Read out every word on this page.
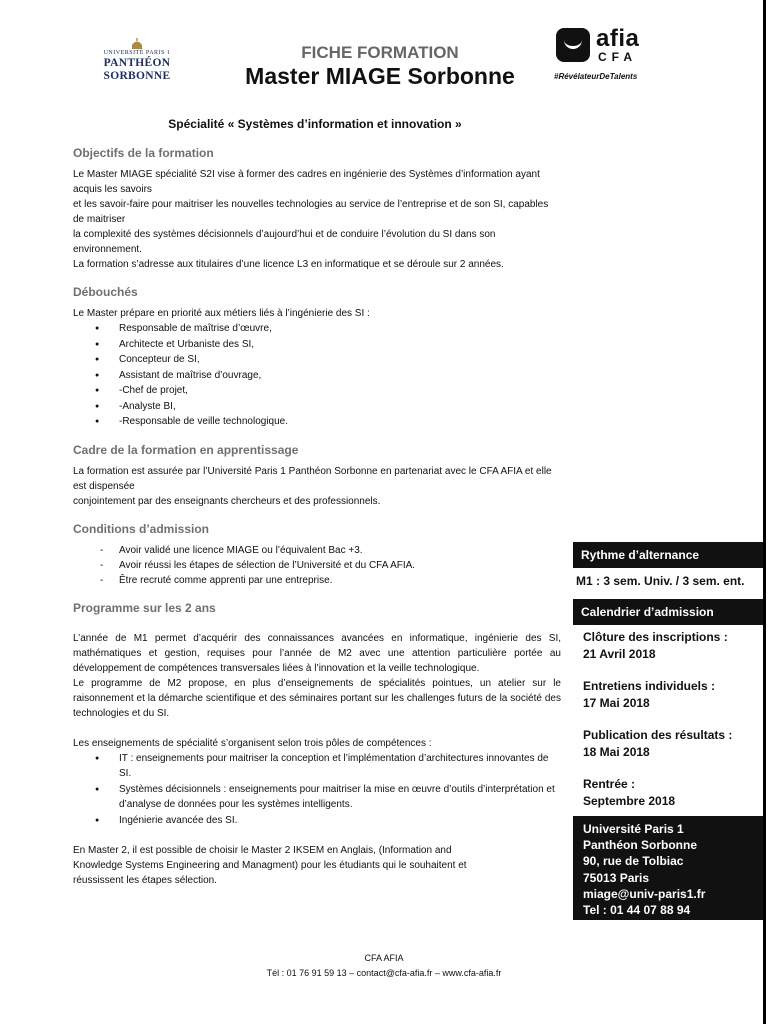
UNIVERSITÉ PARIS 1
PANTHÉON SORBONNE
FICHE FORMATION
Master MIAGE Sorbonne
afia
CFA
#RévélateurDeTalents
Spécialité « Systèmes d’information et innovation »
Objectifs de la formation
Le Master MIAGE spécialité S2I vise à former des cadres en ingénierie des Systèmes d’information ayant acquis les savoirs
et les savoir-faire pour maitriser les nouvelles technologies au service de l’entreprise et de son SI, capables de maitriser
la complexité des systèmes décisionnels d’aujourd’hui et de conduire l’évolution du SI dans son environnement.
La formation s’adresse aux titulaires d’une licence L3 en informatique et se déroule sur 2 années.
Débouchés
Le Master prépare en priorité aux métiers liés à l’ingénierie des SI :
● Responsable de maîtrise d’œuvre,
● Architecte et Urbaniste des SI,
● Concepteur de SI,
● Assistant de maîtrise d’ouvrage,
● -Chef de projet,
● -Analyste BI,
● -Responsable de veille technologique.
Cadre de la formation en apprentissage
La formation est assurée par l’Université Paris 1 Panthéon Sorbonne en partenariat avec le CFA AFIA et elle est dispensée
conjointement par des enseignants chercheurs et des professionnels.
Conditions d’admission
- Avoir validé une licence MIAGE ou l’équivalent Bac +3.
- Avoir réussi les étapes de sélection de l’Université et du CFA AFIA.
- Être recruté comme apprenti par une entreprise.
Programme sur les 2 ans
L’année de M1 permet d’acquérir des connaissances avancées en informatique, ingénierie des SI, mathématiques et gestion, requises pour l’année de M2 avec une attention particulière portée au développement de compétences transversales liées à l’innovation et la veille technologique.
Le programme de M2 propose, en plus d’enseignements de spécialités pointues, un atelier sur le raisonnement et la démarche scientifique et des séminaires portant sur les challenges futurs de la société des technologies et du SI.
Les enseignements de spécialité s’organisent selon trois pôles de compétences :
● IT : enseignements pour maitriser la conception et l’implémentation d’architectures innovantes de SI.
● Systèmes décisionnels : enseignements pour maitriser la mise en œuvre d’outils d’interprétation et d’analyse de données pour les systèmes intelligents.
● Ingénierie avancée des SI.
En Master 2, il est possible de choisir le Master 2 IKSEM en Anglais, (Information and
Knowledge Systems Engineering and Managment) pour les étudiants qui le souhaitent et
réussissent les étapes sélection.
Rythme d’alternance
M1 : 3 sem. Univ. / 3 sem. ent.
Calendrier d’admission
Clôture des inscriptions :
21 Avril 2018
Entretiens individuels :
17 Mai 2018
Publication des résultats :
18 Mai 2018
Rentrée :
Septembre 2018
Université Paris 1
Panthéon Sorbonne
90, rue de Tolbiac
75013 Paris
miage@univ-paris1.fr
Tel : 01 44 07 88 94
CFA AFIA
Tél : 01 76 91 59 13 – contact@cfa-afia.fr – www.cfa-afia.fr
